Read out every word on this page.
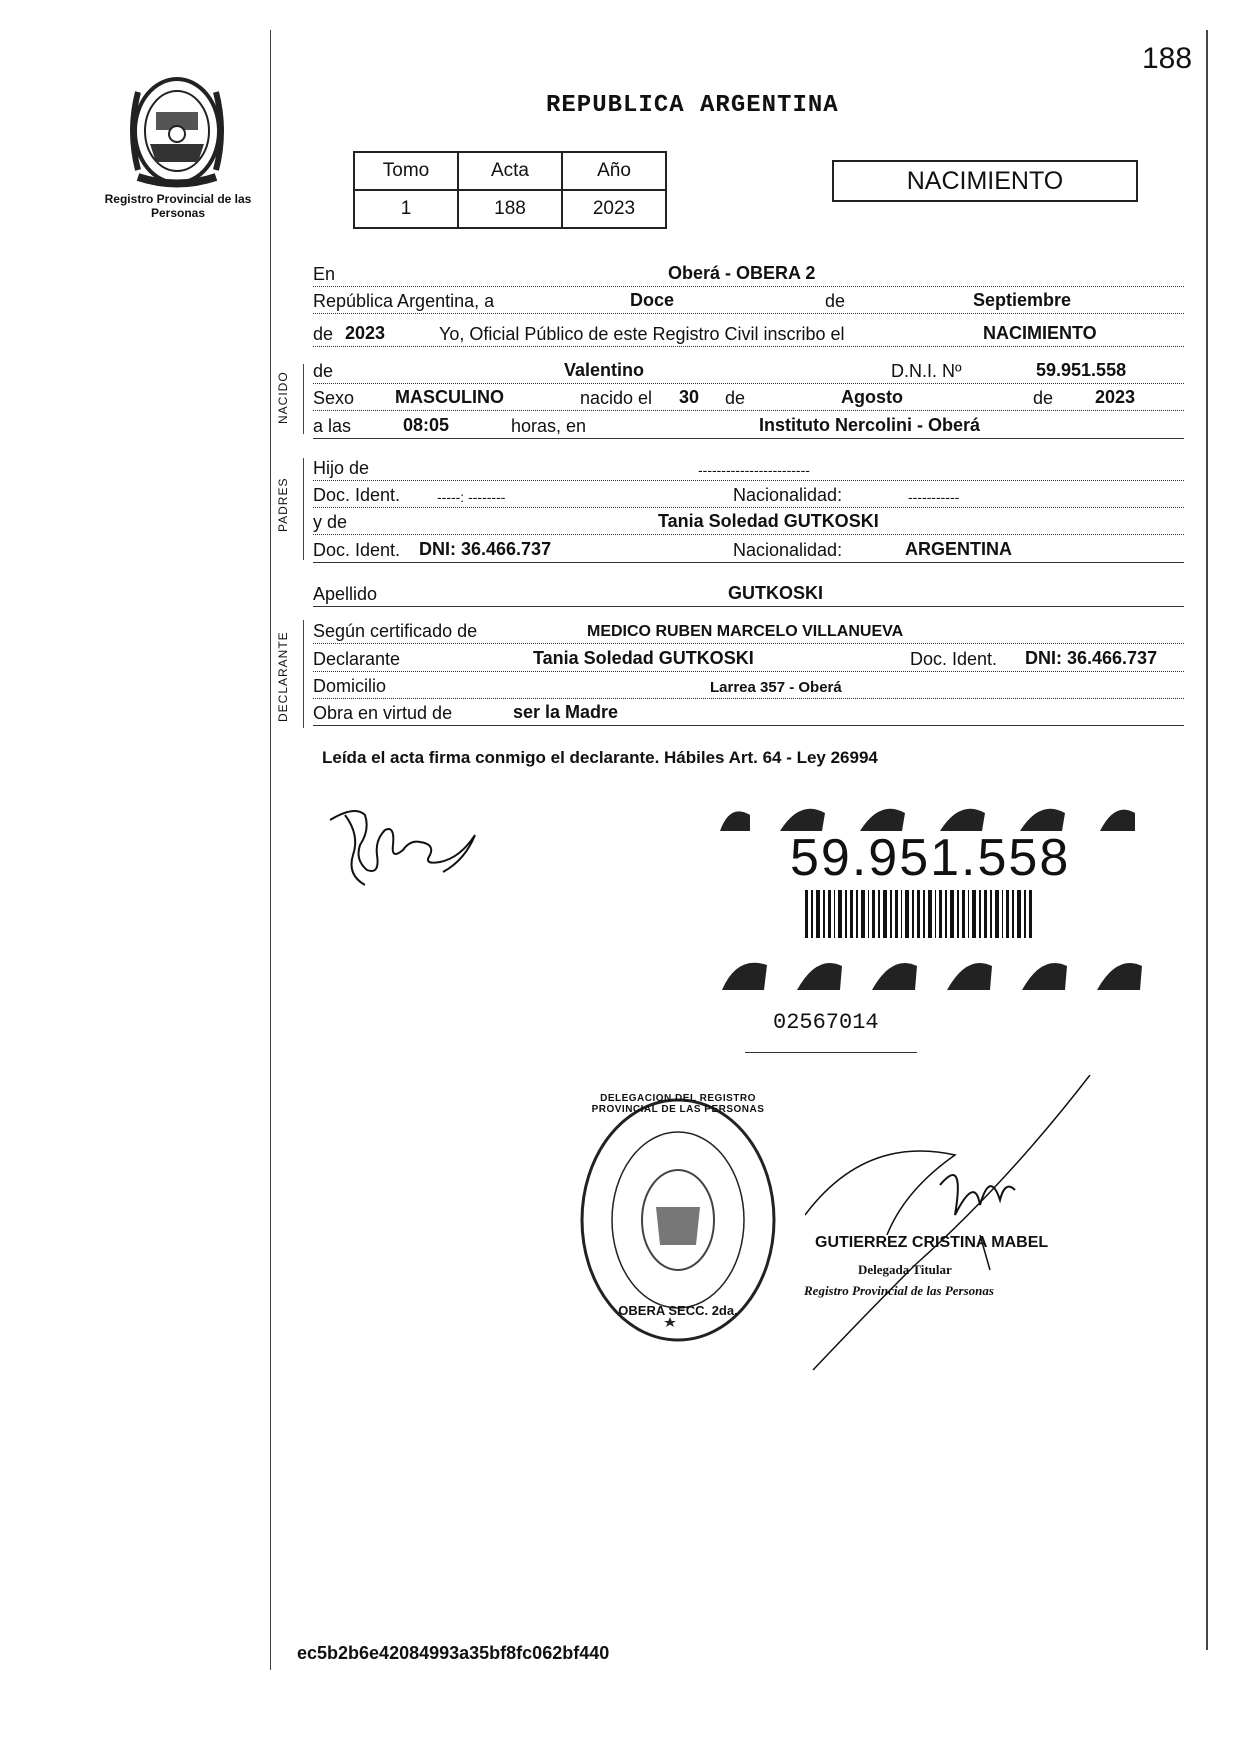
188
Registro Provincial de las Personas
REPUBLICA ARGENTINA
Tomo	Acta	Año
1	188	2023
NACIMIENTO
En	Oberá - OBERA 2
República Argentina, a	Doce	de	Septiembre
de 2023	Yo, Oficial Público de este Registro Civil inscribo el	NACIMIENTO
NACIDO
de	Valentino	D.N.I. Nº	59.951.558
Sexo MASCULINO	nacido el 30 de	Agosto	de 2023
a las	08:05	horas, en	Instituto Nercolini - Oberá
PADRES
Hijo de	------------------------
Doc. Ident.	-----: --------	Nacionalidad:	-----------
y de	Tania Soledad GUTKOSKI
Doc. Ident. DNI: 36.466.737	Nacionalidad:	ARGENTINA
Apellido	GUTKOSKI
DECLARANTE
Según certificado de	MEDICO RUBEN MARCELO VILLANUEVA
Declarante	Tania Soledad GUTKOSKI	Doc. Ident. DNI: 36.466.737
Domicilio	Larrea 357 - Oberá
Obra en virtud de	ser la Madre
Leída el acta firma conmigo el declarante. Hábiles Art. 64 - Ley 26994
59.951.558
02567014
DELEGACION DEL REGISTRO PROVINCIAL DE LAS PERSONAS
OBERA SECC. 2da.
GUTIERREZ CRISTINA MABEL
Delegada Titular
Registro Provincial de las Personas
ec5b2b6e42084993a35bf8fc062bf440
